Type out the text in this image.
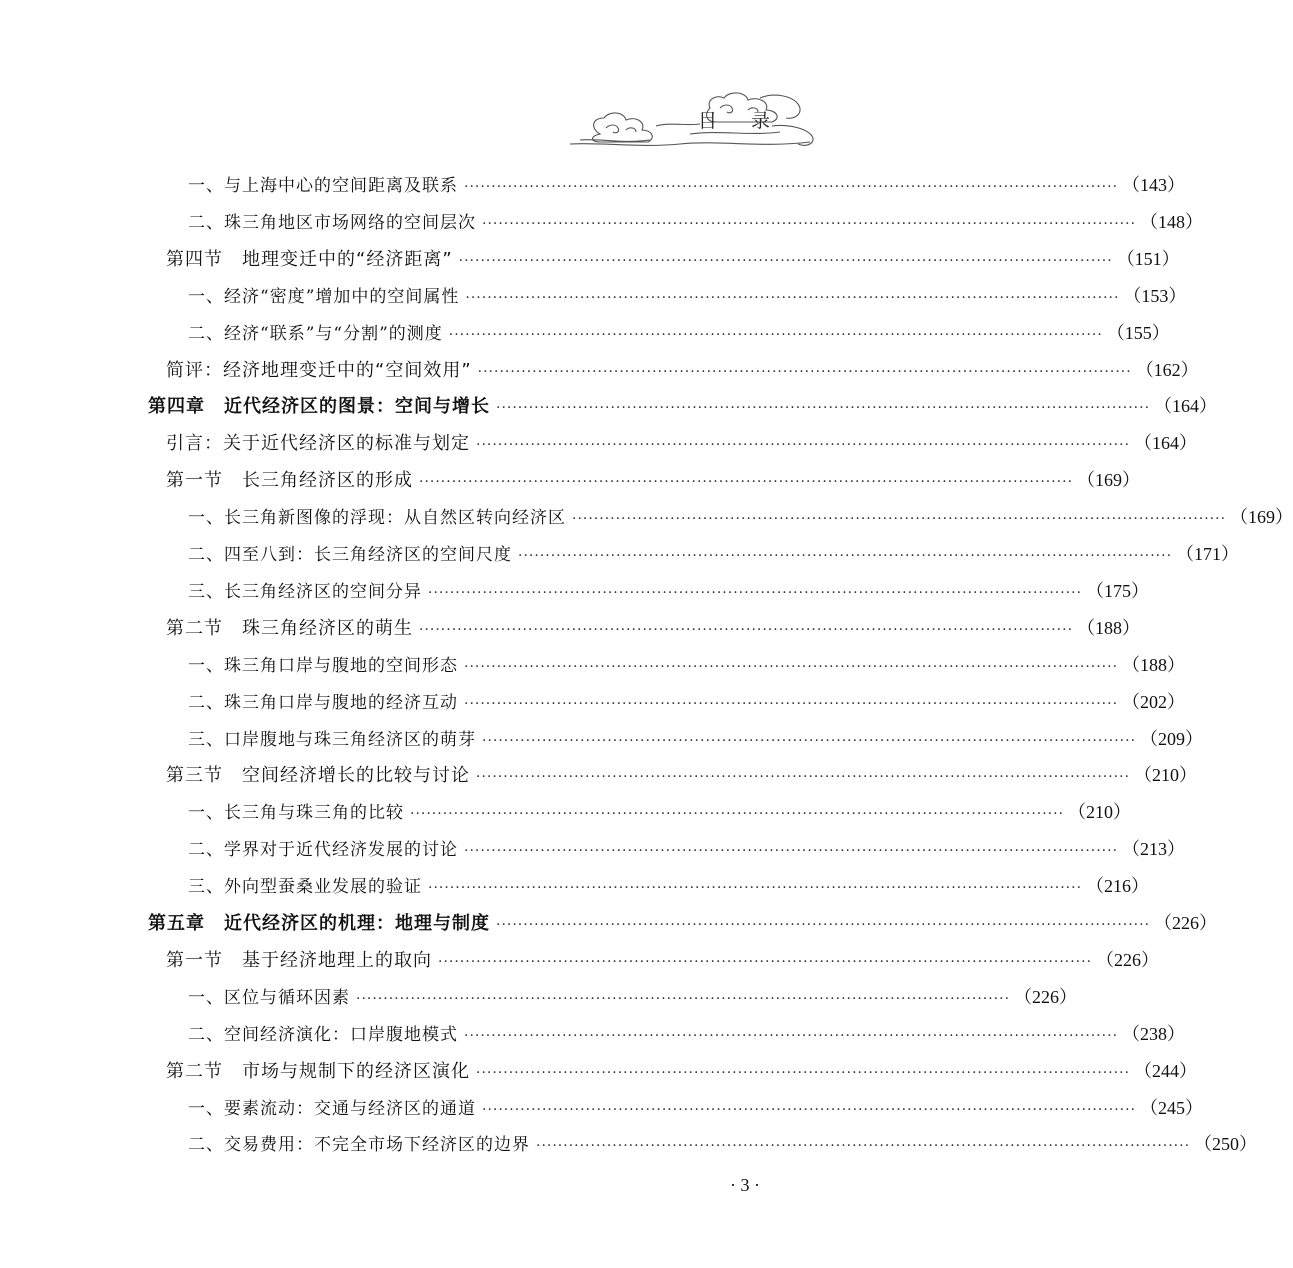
目 录
一、与上海中心的空间距离及联系 ························································································································ （143）
二、珠三角地区市场网络的空间层次 ························································································································ （148）
第四节　地理变迁中的“经济距离” ························································································································ （151）
一、经济“密度”增加中的空间属性 ························································································································ （153）
二、经济“联系”与“分割”的测度 ························································································································ （155）
简评：经济地理变迁中的“空间效用” ························································································································ （162）
第四章　近代经济区的图景：空间与增长 ························································································································ （164）
引言：关于近代经济区的标准与划定 ························································································································ （164）
第一节　长三角经济区的形成 ························································································································ （169）
一、长三角新图像的浮现：从自然区转向经济区 ························································································································ （169）
二、四至八到：长三角经济区的空间尺度 ························································································································ （171）
三、长三角经济区的空间分异 ························································································································ （175）
第二节　珠三角经济区的萌生 ························································································································ （188）
一、珠三角口岸与腹地的空间形态 ························································································································ （188）
二、珠三角口岸与腹地的经济互动 ························································································································ （202）
三、口岸腹地与珠三角经济区的萌芽 ························································································································ （209）
第三节　空间经济增长的比较与讨论 ························································································································ （210）
一、长三角与珠三角的比较 ························································································································ （210）
二、学界对于近代经济发展的讨论 ························································································································ （213）
三、外向型蚕桑业发展的验证 ························································································································ （216）
第五章　近代经济区的机理：地理与制度 ························································································································ （226）
第一节　基于经济地理上的取向 ························································································································ （226）
一、区位与循环因素 ························································································································ （226）
二、空间经济演化：口岸腹地模式 ························································································································ （238）
第二节　市场与规制下的经济区演化 ························································································································ （244）
一、要素流动：交通与经济区的通道 ························································································································ （245）
二、交易费用：不完全市场下经济区的边界 ························································································································ （250）
· 3 ·
